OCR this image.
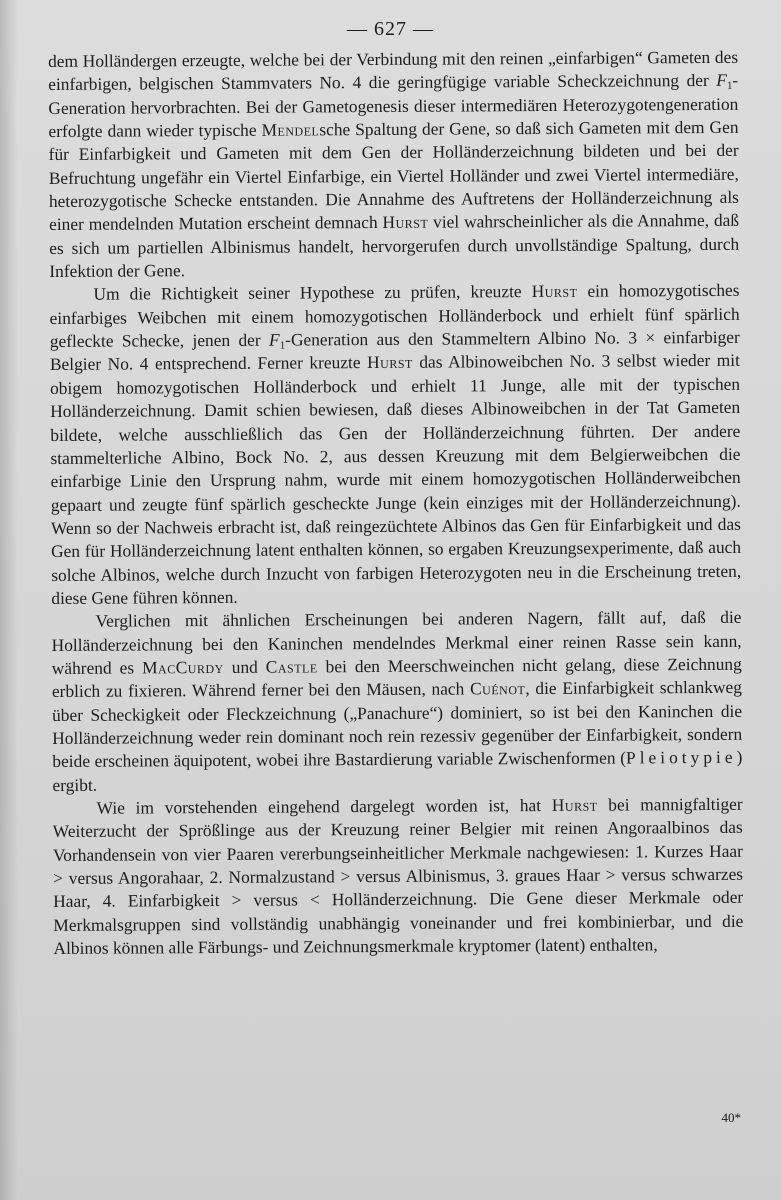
— 627 —

dem Holländergen erzeugte, welche bei der Verbindung mit den reinen „einfarbigen“ Gameten des einfarbigen, belgischen Stammvaters No. 4 die geringfügige variable Scheckzeichnung der $F_1$-Generation hervorbrachten. Bei der Gametogenesis dieser intermediären Heterozygotengeneration erfolgte dann wieder typische Mendelsche Spaltung der Gene, so daß sich Gameten mit dem Gen für Einfarbigkeit und Gameten mit dem Gen der Holländerzeichnung bildeten und bei der Befruchtung ungefähr ein Viertel Einfarbige, ein Viertel Holländer und zwei Viertel intermediäre, heterozygotische Schecke entstanden. Die Annahme des Auftretens der Holländerzeichnung als einer mendelnden Mutation erscheint demnach Hurst viel wahrscheinlicher als die Annahme, daß es sich um partiellen Albinismus handelt, hervorgerufen durch unvollständige Spaltung, durch Infektion der Gene.

Um die Richtigkeit seiner Hypothese zu prüfen, kreuzte Hurst ein homozygotisches einfarbiges Weibchen mit einem homozygotischen Holländerbock und erhielt fünf spärlich gefleckte Schecke, jenen der $F_1$-Generation aus den Stammeltern Albino No. 3 × einfarbiger Belgier No. 4 entsprechend. Ferner kreuzte Hurst das Albinoweibchen No. 3 selbst wieder mit obigem homozygotischen Holländerbock und erhielt 11 Junge, alle mit der typischen Holländerzeichnung. Damit schien bewiesen, daß dieses Albinoweibchen in der Tat Gameten bildete, welche ausschließlich das Gen der Holländerzeichnung führten. Der andere stammelterliche Albino, Bock No. 2, aus dessen Kreuzung mit dem Belgierweibchen die einfarbige Linie den Ursprung nahm, wurde mit einem homozygotischen Holländerweibchen gepaart und zeugte fünf spärlich gescheckte Junge (kein einziges mit der Holländerzeichnung). Wenn so der Nachweis erbracht ist, daß reingezüchtete Albinos das Gen für Einfarbigkeit und das Gen für Holländerzeichnung latent enthalten können, so ergaben Kreuzungsexperimente, daß auch solche Albinos, welche durch Inzucht von farbigen Heterozygoten neu in die Erscheinung treten, diese Gene führen können.

Verglichen mit ähnlichen Erscheinungen bei anderen Nagern, fällt auf, daß die Holländerzeichnung bei den Kaninchen mendelndes Merkmal einer reinen Rasse sein kann, während es MacCurdy und Castle bei den Meerschweinchen nicht gelang, diese Zeichnung erblich zu fixieren. Während ferner bei den Mäusen, nach Cuénot, die Einfarbigkeit schlankweg über Scheckigkeit oder Fleckzeichnung („Panachure“) dominiert, so ist bei den Kaninchen die Holländerzeichnung weder rein dominant noch rein rezessiv gegenüber der Einfarbigkeit, sondern beide erscheinen äquipotent, wobei ihre Bastardierung variable Zwischenformen (Pleiotypie) ergibt.

Wie im vorstehenden eingehend dargelegt worden ist, hat Hurst bei mannigfaltiger Weiterzucht der Sprößlinge aus der Kreuzung reiner Belgier mit reinen Angoraalbinos das Vorhandensein von vier Paaren vererbungseinheitlicher Merkmale nachgewiesen: 1. Kurzes Haar > versus Angorahaar, 2. Normalzustand > versus Albinismus, 3. graues Haar > versus schwarzes Haar, 4. Einfarbigkeit > versus < Holländerzeichnung. Die Gene dieser Merkmale oder Merkmalsgruppen sind vollständig unabhängig voneinander und frei kombinierbar, und die Albinos können alle Färbungs- und Zeichnungsmerkmale kryptomer (latent) enthalten,

40*
